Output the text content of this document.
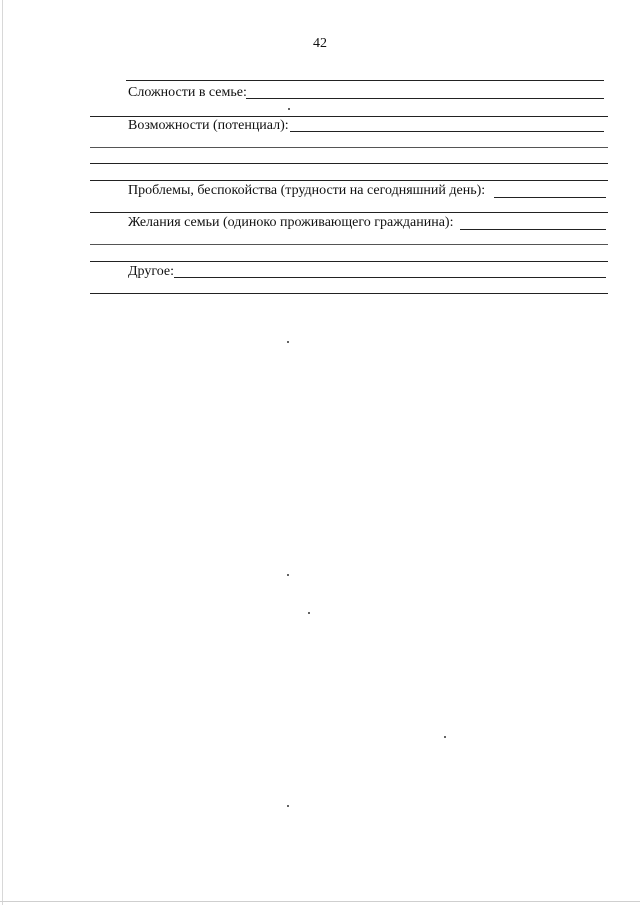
42
Сложности в семье:
Возможности (потенциал):
Проблемы, беспокойства (трудности на сегодняшний день):
Желания семьи (одиноко проживающего гражданина):
Другое:
